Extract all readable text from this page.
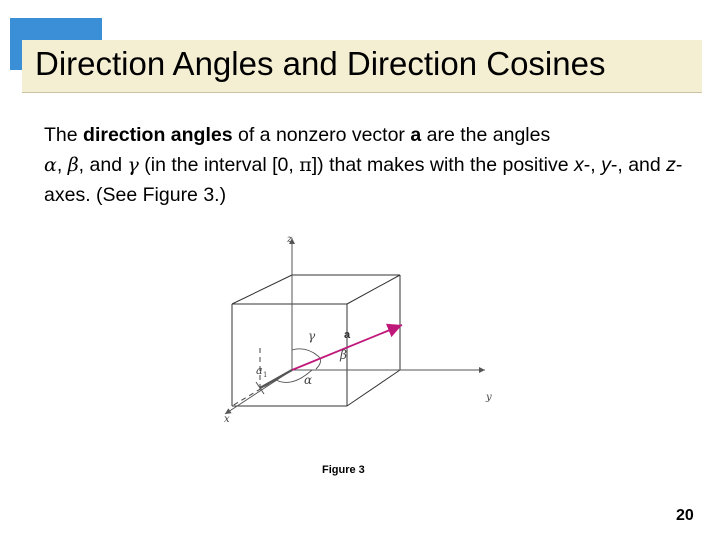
Direction Angles and Direction Cosines
The direction angles of a nonzero vector a are the angles
α, β, and γ (in the interval [0, π]) that makes with the positive x-, y-, and z-axes. (See Figure 3.)
z
x
y
γ
β
α
a 1
a
Figure 3
20
